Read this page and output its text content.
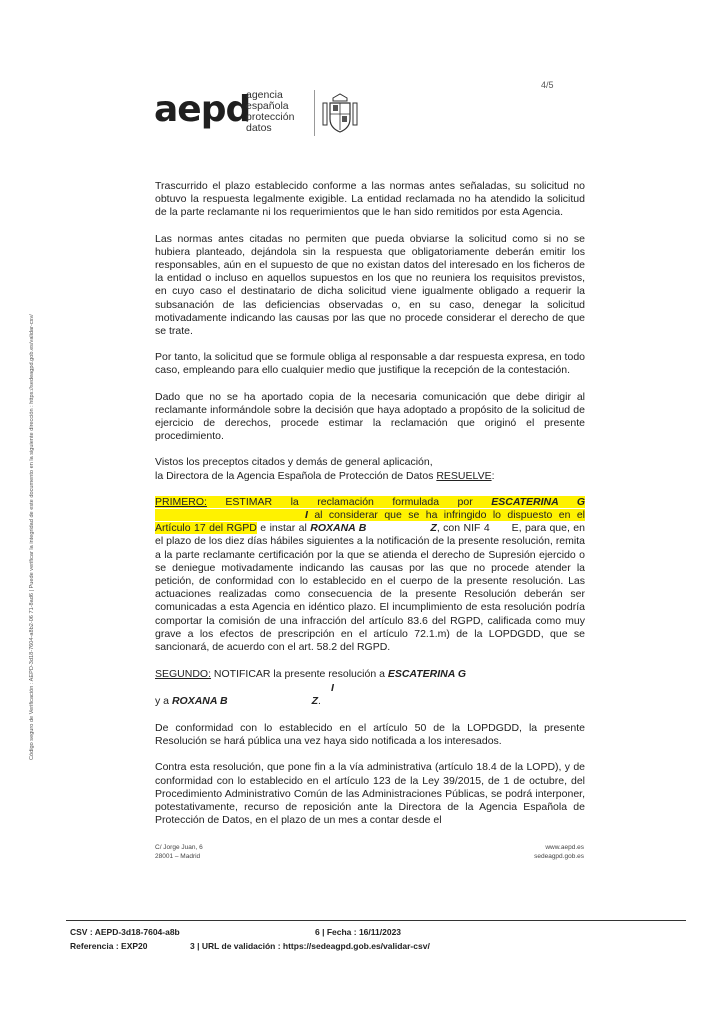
4/5
aepd
agencia
española
protección
datos
Código seguro de Verificación : AEPD-3d18-7604-a8b2-06 71-8ad6 | Puede verificar la integridad de este documento en la siguiente dirección : https://sedeagpd.gob.es/validar-csv/

Trascurrido el plazo establecido conforme a las normas antes señaladas, su solicitud no obtuvo la respuesta legalmente exigible. La entidad reclamada no ha atendido la solicitud de la parte reclamante ni los requerimientos que le han sido remitidos por esta Agencia.

Las normas antes citadas no permiten que pueda obviarse la solicitud como si no se hubiera planteado, dejándola sin la respuesta que obligatoriamente deberán emitir los responsables, aún en el supuesto de que no existan datos del interesado en los ficheros de la entidad o incluso en aquellos supuestos en los que no reuniera los requisitos previstos, en cuyo caso el destinatario de dicha solicitud viene igualmente obligado a requerir la subsanación de las deficiencias observadas o, en su caso, denegar la solicitud motivadamente indicando las causas por las que no procede considerar el derecho de que se trate.

Por tanto, la solicitud que se formule obliga al responsable a dar respuesta expresa, en todo caso, empleando para ello cualquier medio que justifique la recepción de la contestación.

Dado que no se ha aportado copia de la necesaria comunicación que debe dirigir al reclamante informándole sobre la decisión que haya adoptado a propósito de la solicitud de ejercicio de derechos, procede estimar la reclamación que originó el presente procedimiento.

Vistos los preceptos citados y demás de general aplicación,
la Directora de la Agencia Española de Protección de Datos RESUELVE:

PRIMERO: ESTIMAR la reclamación formulada por ESCATERINA GI al considerar que se ha infringido lo dispuesto en el Artículo 17 del RGPD e instar al ROXANA B	Z, con NIF 4 E, para que, en el plazo de los diez días hábiles siguientes a la notificación de la presente resolución, remita a la parte reclamante certificación por la que se atienda el derecho de Supresión ejercido o se deniegue motivadamente indicando las causas por las que no procede atender la petición, de conformidad con lo establecido en el cuerpo de la presente resolución. Las actuaciones realizadas como consecuencia de la presente Resolución deberán ser comunicadas a esta Agencia en idéntico plazo. El incumplimiento de esta resolución podría comportar la comisión de una infracción del artículo 83.6 del RGPD, calificada como muy grave a los efectos de prescripción en el artículo 72.1.m) de la LOPDGDD, que se sancionará, de acuerdo con el art. 58.2 del RGPD.

SEGUNDO: NOTIFICAR la presente resolución a ESCATERINA GI
y a ROXANA B	Z.

De conformidad con lo establecido en el artículo 50 de la LOPDGDD, la presente Resolución se hará pública una vez haya sido notificada a los interesados.

Contra esta resolución, que pone fin a la vía administrativa (artículo 18.4 de la LOPD), y de conformidad con lo establecido en el artículo 123 de la Ley 39/2015, de 1 de octubre, del Procedimiento Administrativo Común de las Administraciones Públicas, se podrá interponer, potestativamente, recurso de reposición ante la Directora de la Agencia Española de Protección de Datos, en el plazo de un mes a contar desde el

C/ Jorge Juan, 6
28001 – Madrid
www.aepd.es
sedeagpd.gob.es
CSV : AEPD-3d18-7604-a8b	6 | Fecha : 16/11/2023
Referencia : EXP20	3 | URL de validación : https://sedeagpd.gob.es/validar-csv/
